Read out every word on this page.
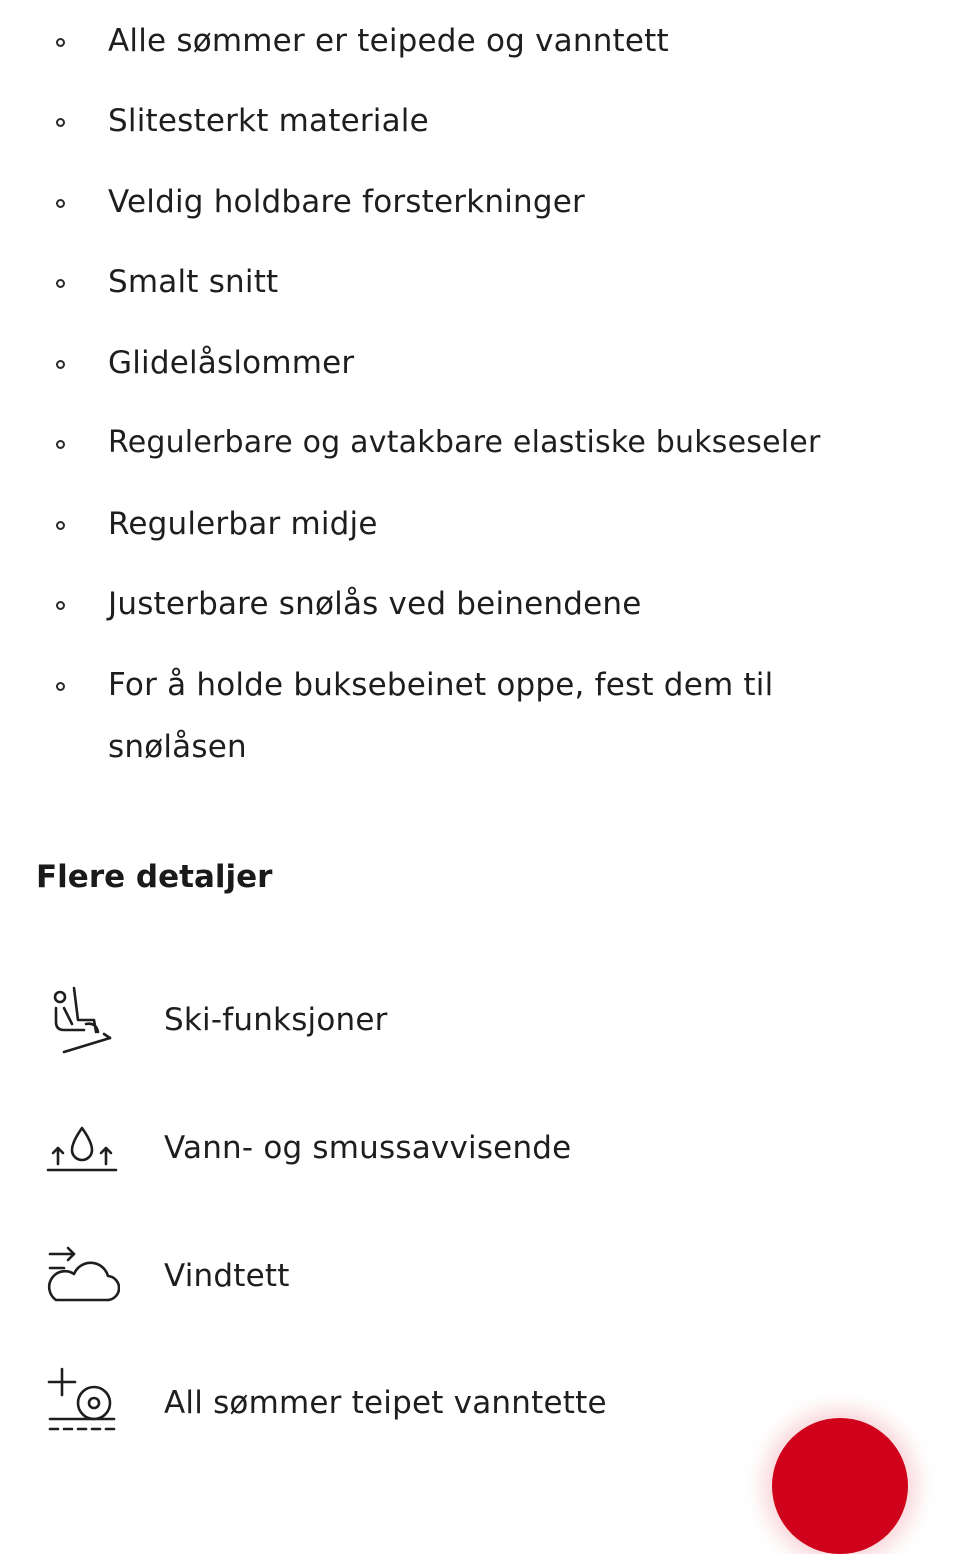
Alle sømmer er teipede og vanntett
Slitesterkt materiale
Veldig holdbare forsterkninger
Smalt snitt
Glidelåslommer
Regulerbare og avtakbare elastiske bukseseler
Regulerbar midje
Justerbare snølås ved beinendene
For å holde buksebeinet oppe, fest dem til snølåsen
Flere detaljer
Ski-funksjoner
Vann- og smussavvisende
Vindtett
All sømmer teipet vanntette
